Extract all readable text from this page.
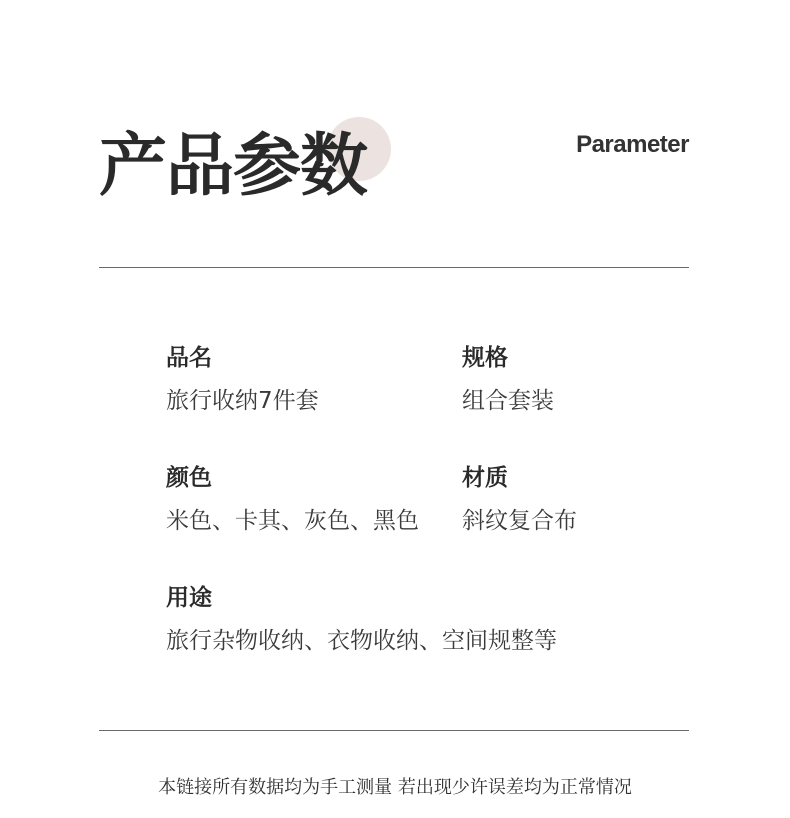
产品参数	Parameter
品名
旅行收纳7件套
规格
组合套装
颜色
米色、卡其、灰色、黑色
材质
斜纹复合布
用途
旅行杂物收纳、衣物收纳、空间规整等
本链接所有数据均为手工测量 若出现少许误差均为正常情况
